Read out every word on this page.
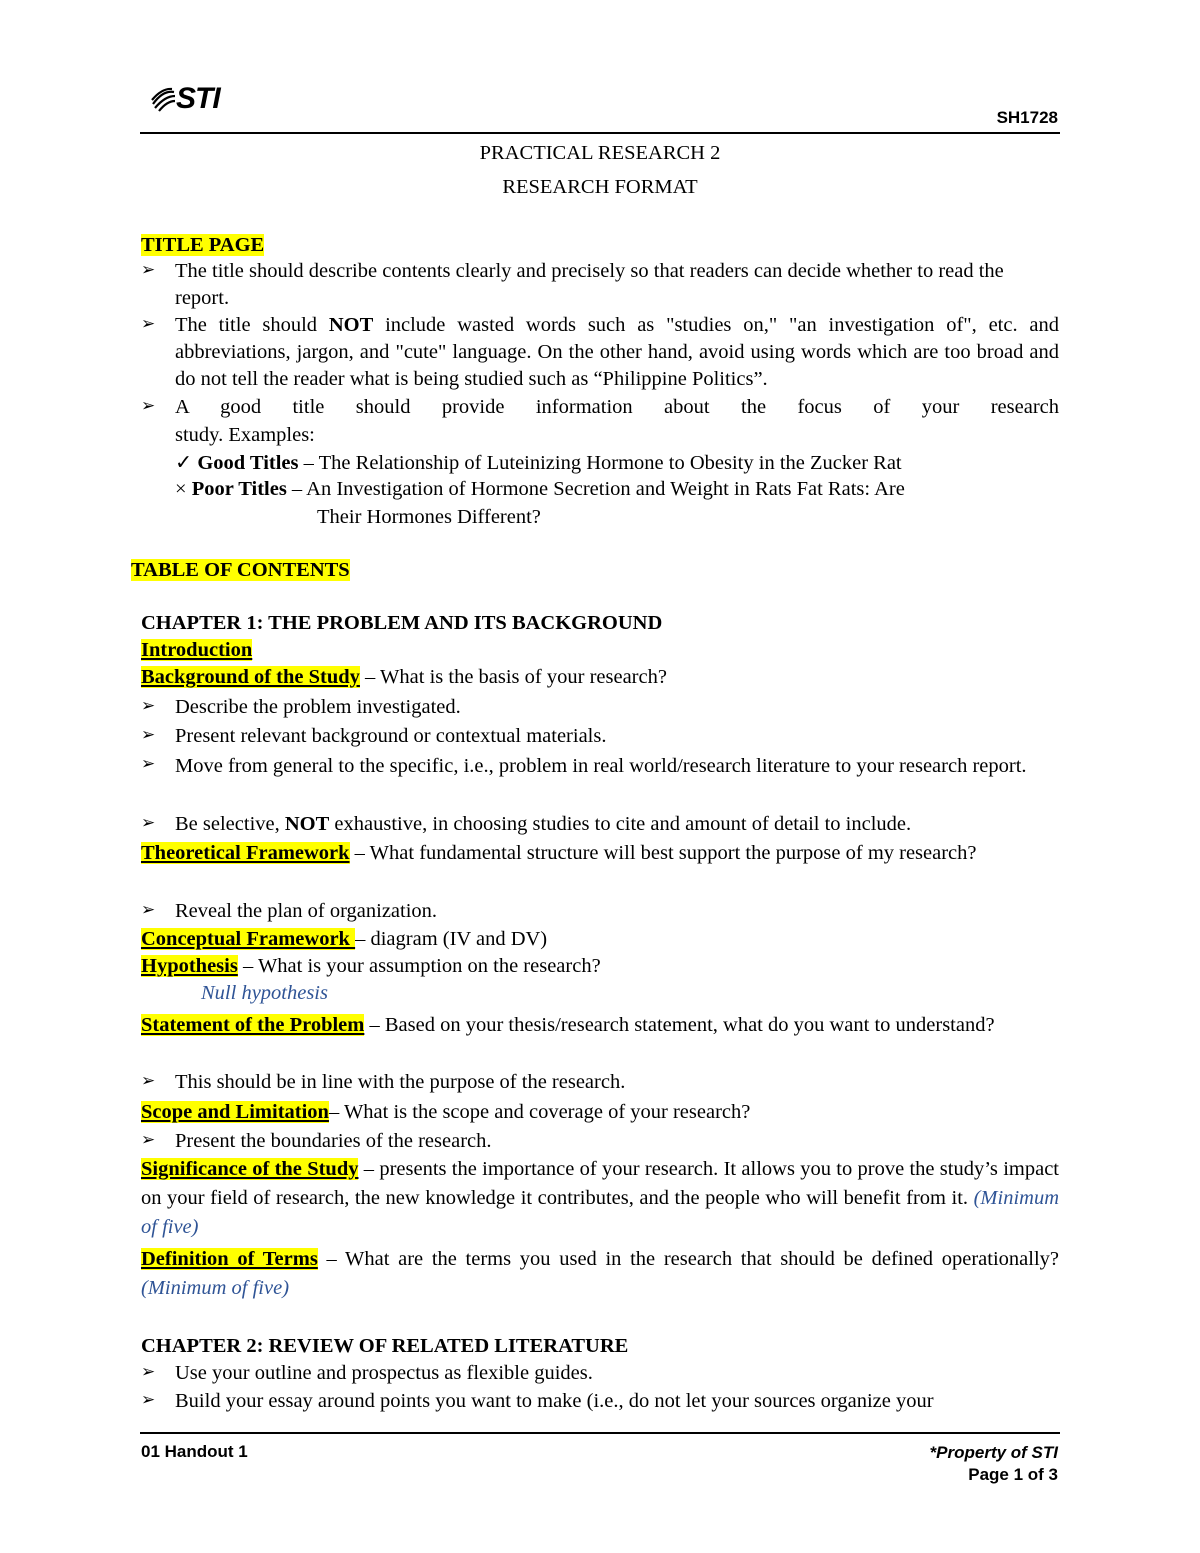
STI
SH1728
PRACTICAL RESEARCH 2
RESEARCH FORMAT
TITLE PAGE
➢ The title should describe contents clearly and precisely so that readers can decide whether to read the report.
➢ The title should NOT include wasted words such as "studies on," "an investigation of", etc. and abbreviations, jargon, and "cute" language. On the other hand, avoid using words which are too broad and do not tell the reader what is being studied such as “Philippine Politics”.
➢ A good title should provide information about the focus of your research
study. Examples:
✓ Good Titles – The Relationship of Luteinizing Hormone to Obesity in the Zucker Rat
× Poor Titles – An Investigation of Hormone Secretion and Weight in Rats Fat Rats: Are
Their Hormones Different?
TABLE OF CONTENTS
CHAPTER 1: THE PROBLEM AND ITS BACKGROUND
Introduction
Background of the Study – What is the basis of your research?
➢ Describe the problem investigated.
➢ Present relevant background or contextual materials.
➢ Move from general to the specific, i.e., problem in real world/research literature to your research report.
➢ Be selective, NOT exhaustive, in choosing studies to cite and amount of detail to include.
Theoretical Framework – What fundamental structure will best support the purpose of my research?
➢ Reveal the plan of organization.
Conceptual Framework – diagram (IV and DV)
Hypothesis – What is your assumption on the research?
Null hypothesis
Statement of the Problem – Based on your thesis/research statement, what do you want to understand?
➢ This should be in line with the purpose of the research.
Scope and Limitation– What is the scope and coverage of your research?
➢ Present the boundaries of the research.
Significance of the Study – presents the importance of your research. It allows you to prove the study’s impact on your field of research, the new knowledge it contributes, and the people who will benefit from it. (Minimum of five)
Definition of Terms – What are the terms you used in the research that should be defined operationally? (Minimum of five)
CHAPTER 2: REVIEW OF RELATED LITERATURE
➢ Use your outline and prospectus as flexible guides.
➢ Build your essay around points you want to make (i.e., do not let your sources organize your
01 Handout 1	*Property of STI
Page 1 of 3
